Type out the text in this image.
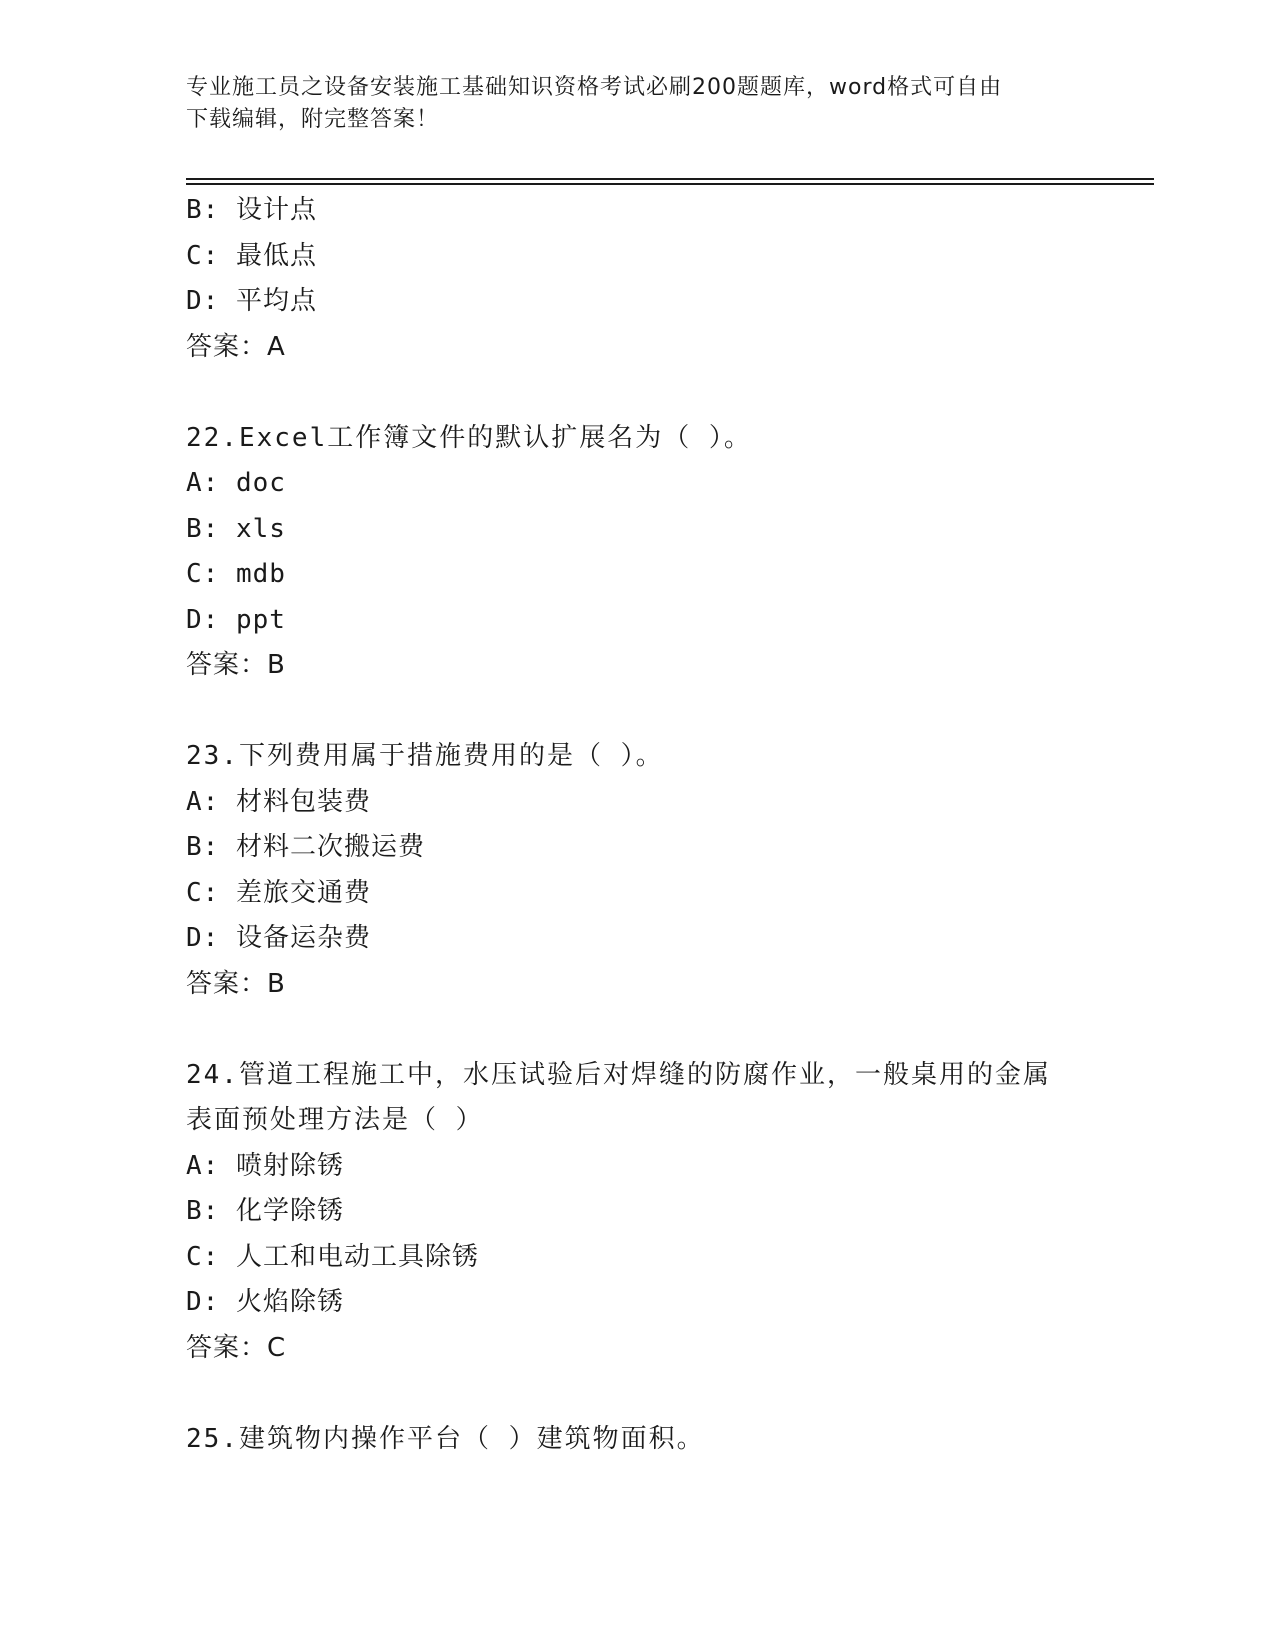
专业施工员之设备安装施工基础知识资格考试必刷200题题库，word格式可自由
下载编辑，附完整答案！
B: 设计点
C: 最低点
D: 平均点
答案：A
22.Excel工作簿文件的默认扩展名为（ ）。
A: doc
B: xls
C: mdb
D: ppt
答案：B
23.下列费用属于措施费用的是（ ）。
A: 材料包装费
B: 材料二次搬运费
C: 差旅交通费
D: 设备运杂费
答案：B
24.管道工程施工中，水压试验后对焊缝的防腐作业，一般桌用的金属
表面预处理方法是（ ）
A: 喷射除锈
B: 化学除锈
C: 人工和电动工具除锈
D: 火焰除锈
答案：C
25.建筑物内操作平台（ ）建筑物面积。
